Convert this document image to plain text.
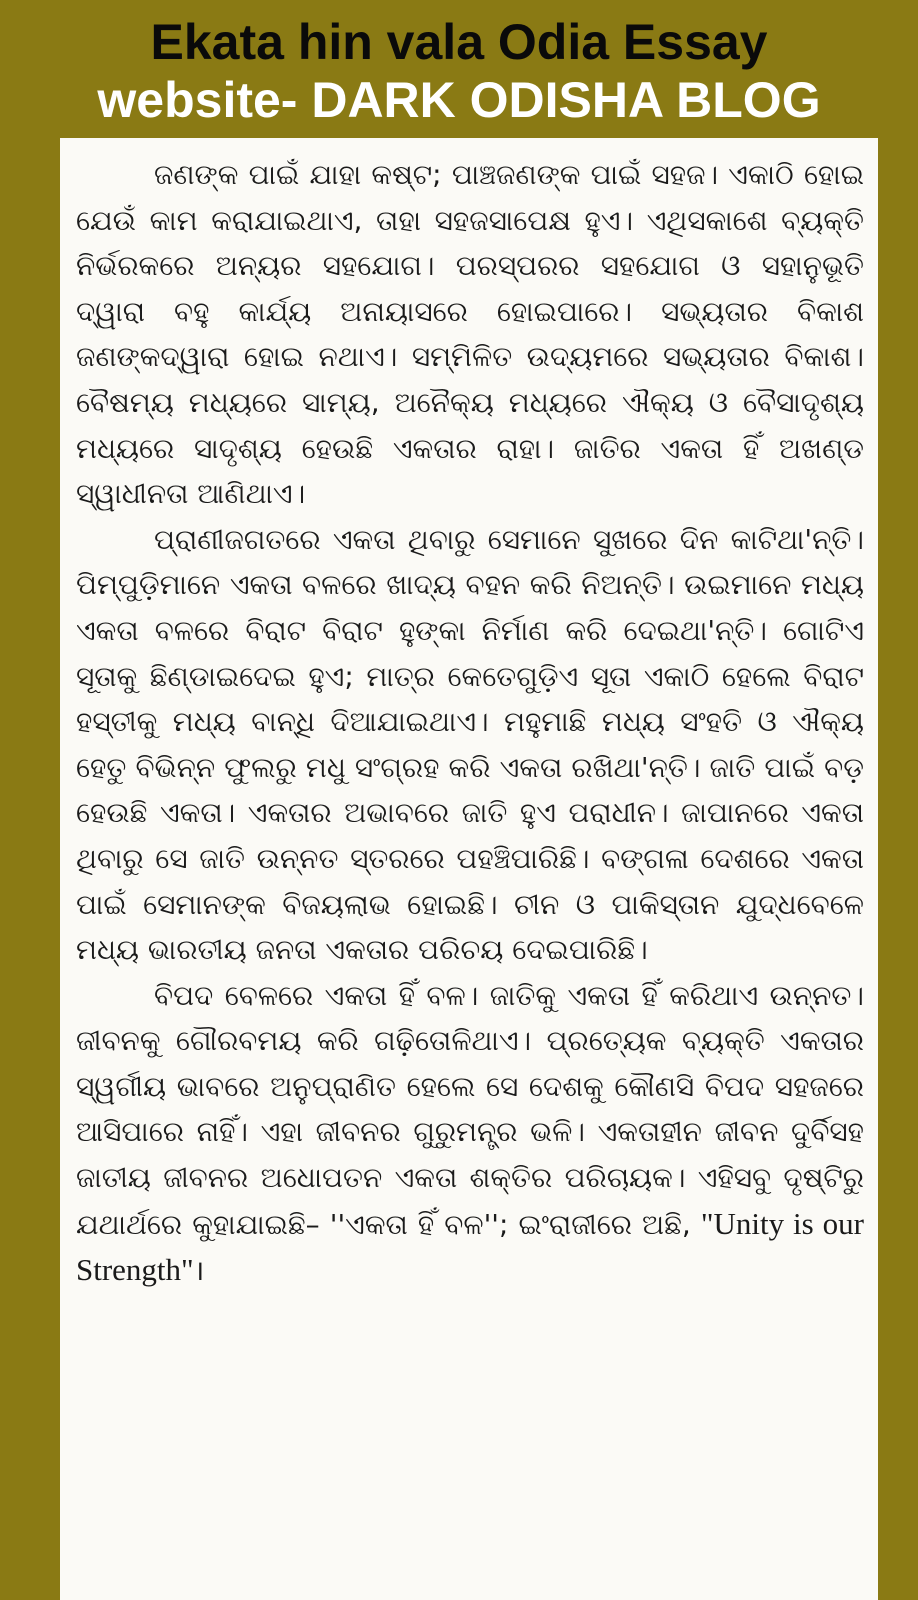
Ekata hin vala Odia Essay
website- DARK ODISHA BLOG

ଜଣଙ୍କ ପାଇଁ ଯାହା କଷ୍ଟ; ପାଞ୍ଚଜଣଙ୍କ ପାଇଁ ସହଜ। ଏକାଠି ହୋଇ ଯେଉଁ କାମ କରାଯାଇଥାଏ, ତାହା ସହଜସାପେକ୍ଷ ହୁଏ। ଏଥିସକାଶେ ବ୍ୟକ୍ତି ନିର୍ଭରକରେ ଅନ୍ୟର ସହଯୋଗ। ପରସ୍ପରର ସହଯୋଗ ଓ ସହାନୁଭୂତି ଦ୍ୱାରା ବହୁ କାର୍ଯ୍ୟ ଅନାୟାସରେ ହୋଇପାରେ। ସଭ୍ୟତାର ବିକାଶ ଜଣଙ୍କଦ୍ୱାରା ହୋଇ ନଥାଏ। ସମ୍ମିଳିତ ଉଦ୍ୟମରେ ସଭ୍ୟତାର ବିକାଶ। ବୈଷମ୍ୟ ମଧ୍ୟରେ ସାମ୍ୟ, ଅନୈକ୍ୟ ମଧ୍ୟରେ ଐକ୍ୟ ଓ ବୈସାଦୃଶ୍ୟ ମଧ୍ୟରେ ସାଦୃଶ୍ୟ ହେଉଛି ଏକତାର ରାହା। ଜାତିର ଏକତା ହିଁ ଅଖଣ୍ଡ ସ୍ୱାଧୀନତା ଆଣିଥାଏ।

ପ୍ରାଣୀଜଗତରେ ଏକତା ଥିବାରୁ ସେମାନେ ସୁଖରେ ଦିନ କାଟିଥା'ନ୍ତି। ପିମ୍ପୁଡ଼ିମାନେ ଏକତା ବଳରେ ଖାଦ୍ୟ ବହନ କରି ନିଅନ୍ତି। ଉଇମାନେ ମଧ୍ୟ ଏକତା ବଳରେ ବିରାଟ ବିରାଟ ହୁଙ୍କା ନିର୍ମାଣ କରି ଦେଇଥା'ନ୍ତି। ଗୋଟିଏ ସୂତାକୁ ଛିଣ୍ଡାଇଦେଇ ହୁଏ; ମାତ୍ର କେତେଗୁଡ଼ିଏ ସୂତା ଏକାଠି ହେଲେ ବିରାଟ ହସ୍ତୀକୁ ମଧ୍ୟ ବାନ୍ଧି ଦିଆଯାଇଥାଏ। ମହୁମାଛି ମଧ୍ୟ ସଂହତି ଓ ଐକ୍ୟ ହେତୁ ବିଭିନ୍ନ ଫୁଲରୁ ମଧୁ ସଂଗ୍ରହ କରି ଏକତା ରଖିଥା'ନ୍ତି। ଜାତି ପାଇଁ ବଡ଼ ହେଉଛି ଏକତା। ଏକତାର ଅଭାବରେ ଜାତି ହୁଏ ପରାଧୀନ। ଜାପାନରେ ଏକତା ଥିବାରୁ ସେ ଜାତି ଉନ୍ନତ ସ୍ତରରେ ପହଞ୍ଚିପାରିଛି। ବଙ୍ଗଳା ଦେଶରେ ଏକତା ପାଇଁ ସେମାନଙ୍କ ବିଜୟଲାଭ ହୋଇଛି। ଚୀନ ଓ ପାକିସ୍ତାନ ଯୁଦ୍ଧବେଳେ ମଧ୍ୟ ଭାରତୀୟ ଜନତା ଏକତାର ପରିଚୟ ଦେଇପାରିଛି।

ବିପଦ ବେଳରେ ଏକତା ହିଁ ବଳ। ଜାତିକୁ ଏକତା ହିଁ କରିଥାଏ ଉନ୍ନତ। ଜୀବନକୁ ଗୌରବମୟ କରି ଗଢ଼ିତୋଳିଥାଏ। ପ୍ରତ୍ୟେକ ବ୍ୟକ୍ତି ଏକତାର ସ୍ୱର୍ଗୀୟ ଭାବରେ ଅନୁପ୍ରାଣିତ ହେଲେ ସେ ଦେଶକୁ କୌଣସି ବିପଦ ସହଜରେ ଆସିପାରେ ନାହିଁ। ଏହା ଜୀବନର ଗୁରୁମନ୍ତ୍ର ଭଳି। ଏକତାହୀନ ଜୀବନ ଦୁର୍ବିସହ ଜାତୀୟ ଜୀବନର ଅଧୋପତନ ଏକତା ଶକ୍ତିର ପରିଚାୟକ। ଏହିସବୁ ଦୃଷ୍ଟିରୁ ଯଥାର୍ଥରେ କୁହାଯାଇଛି– ''ଏକତା ହିଁ ବଳ''; ଇଂରାଜୀରେ ଅଛି, "Unity is our Strength"।
